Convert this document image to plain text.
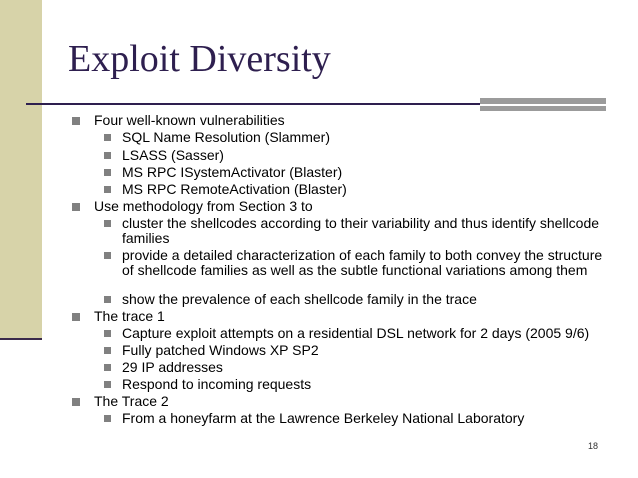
Exploit Diversity
Four well-known vulnerabilities
SQL Name Resolution (Slammer)
LSASS (Sasser)
MS RPC ISystemActivator (Blaster)
MS RPC RemoteActivation (Blaster)
Use methodology from Section 3 to
cluster the shellcodes according to their variability and thus identify shellcode families
provide a detailed characterization of each family to both convey the structure of shellcode families as well as the subtle functional variations among them
show the prevalence of each shellcode family in the trace
The trace 1
Capture exploit attempts on a residential DSL network for 2 days (2005 9/6)
Fully patched Windows XP SP2
29 IP addresses
Respond to incoming requests
The Trace 2
From a honeyfarm at the Lawrence Berkeley National Laboratory
18
